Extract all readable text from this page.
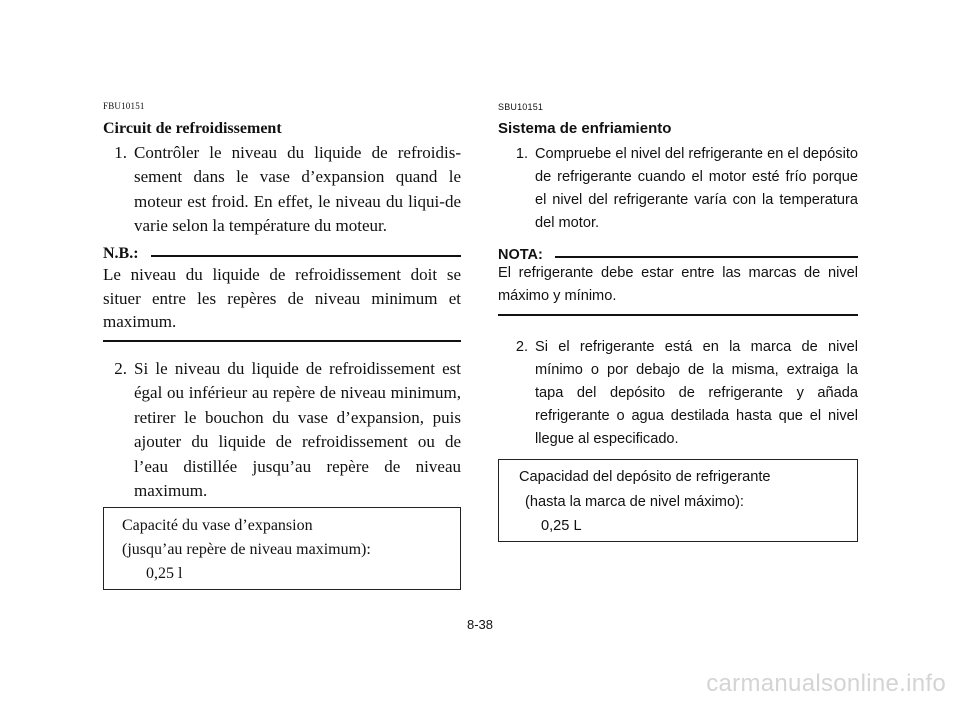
FBU10151
Circuit de refroidissement
1. Contrôler le niveau du liquide de refroidis-sement dans le vase d’expansion quand le moteur est froid. En effet, le niveau du liqui-de varie selon la température du moteur.
N.B.:
Le niveau du liquide de refroidissement doit se situer entre les repères de niveau minimum et maximum.
2. Si le niveau du liquide de refroidissement est égal ou inférieur au repère de niveau minimum, retirer le bouchon du vase d’expansion, puis ajouter du liquide de refroidissement ou de l’eau distillée jusqu’au repère de niveau maximum.
Capacité du vase d’expansion
(jusqu’au repère de niveau maximum):
0,25 l
SBU10151
Sistema de enfriamiento
1. Compruebe el nivel del refrigerante en el depósito de refrigerante cuando el motor esté frío porque el nivel del refrigerante varía con la temperatura del motor.
NOTA:
El refrigerante debe estar entre las marcas de nivel máximo y mínimo.
2. Si el refrigerante está en la marca de nivel mínimo o por debajo de la misma, extraiga la tapa del depósito de refrigerante y añada refrigerante o agua destilada hasta que el nivel llegue al especificado.
Capacidad del depósito de refrigerante
(hasta la marca de nivel máximo):
0,25 L
8-38
carmanualsonline.info
